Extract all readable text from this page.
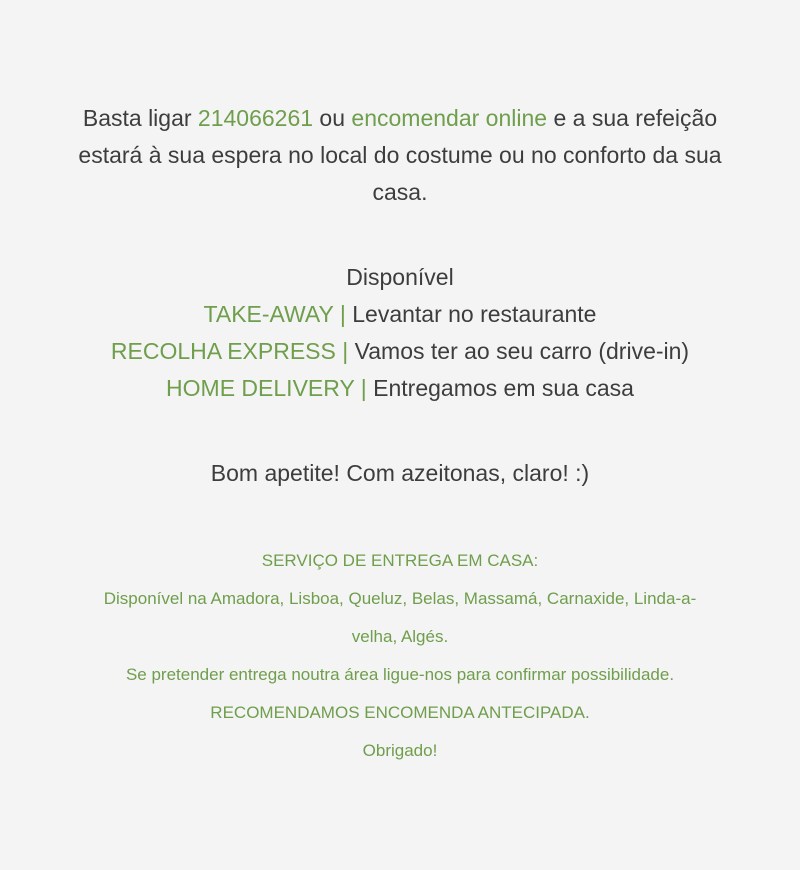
Basta ligar 214066261 ou encomendar online e a sua refeição estará à sua espera no local do costume ou no conforto da sua casa.

Disponível
TAKE-AWAY | Levantar no restaurante
RECOLHA EXPRESS | Vamos ter ao seu carro (drive-in)
HOME DELIVERY | Entregamos em sua casa
Bom apetite! Com azeitonas, claro! :)
SERVIÇO DE ENTREGA EM CASA:
Disponível na Amadora, Lisboa, Queluz, Belas, Massamá, Carnaxide, Linda-a-velha, Algés.
Se pretender entrega noutra área ligue-nos para confirmar possibilidade.
RECOMENDAMOS ENCOMENDA ANTECIPADA.
Obrigado!
